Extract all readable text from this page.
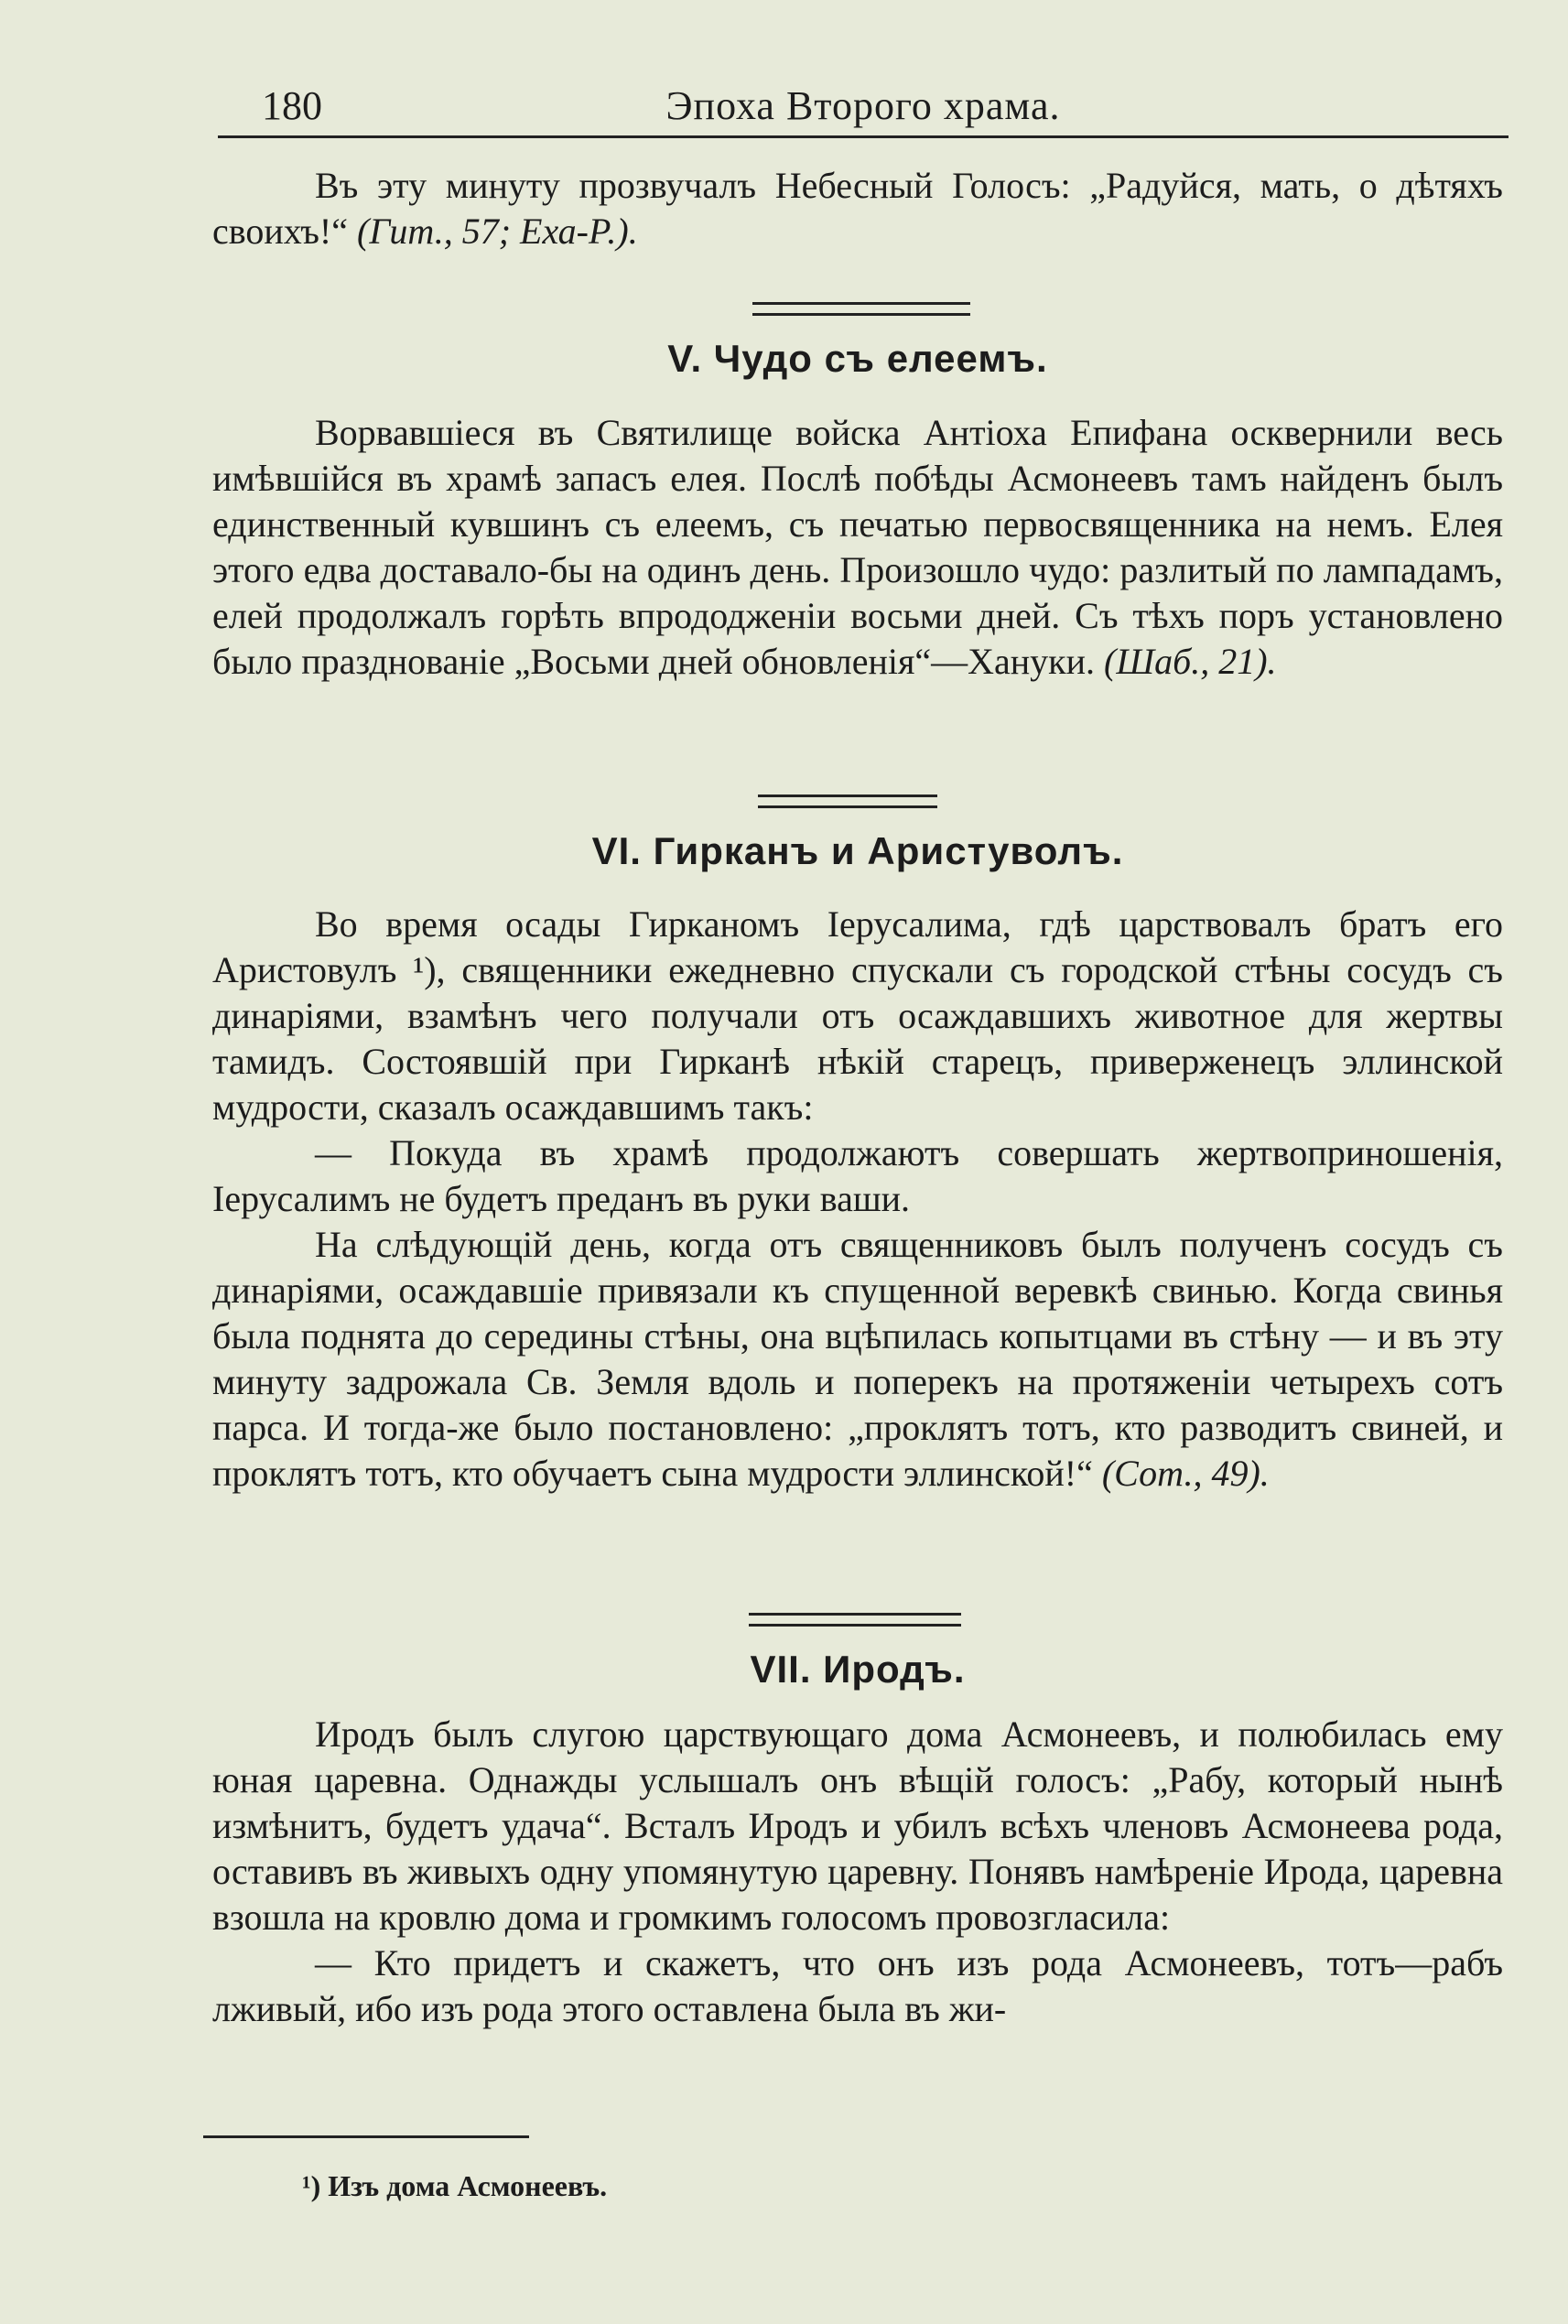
180	Эпоха Второго храма.
Въ эту минуту прозвучалъ Небесный Голосъ: „Радуйся, мать, о дѣтяхъ своихъ!“ (Гит., 57; Еха-Р.).
V. Чудо съ елеемъ.

Ворвавшіеся въ Святилище войска Антіоха Епифана осквернили весь имѣвшійся въ храмѣ запасъ елея. Послѣ побѣды Асмонеевъ тамъ найденъ былъ единственный кувшинъ съ елеемъ, съ печатью первосвященника на немъ. Елея этого едва доставало-бы на одинъ день. Произошло чудо: разлитый по лампадамъ, елей продолжалъ горѣть впрододженіи восьми дней. Съ тѣхъ поръ установлено было празднованіе „Восьми дней обновленія“—Хануки. (Шаб., 21).

VI. Гирканъ и Аристуволъ.

Во время осады Гирканомъ Іерусалима, гдѣ царствовалъ братъ его Аристовулъ ¹), священники ежедневно спускали съ городской стѣны сосудъ съ динаріями, взамѣнъ чего получали отъ осаждавшихъ животное для жертвы тамидъ. Состоявшій при Гирканѣ нѣкій старецъ, приверженецъ эллинской мудрости, сказалъ осаждавшимъ такъ:

— Покуда въ храмѣ продолжаютъ совершать жертвоприношенія, Іерусалимъ не будетъ преданъ въ руки ваши.

На слѣдующій день, когда отъ священниковъ былъ полученъ сосудъ съ динаріями, осаждавшіе привязали къ спущенной веревкѣ свинью. Когда свинья была поднята до середины стѣны, она вцѣпилась копытцами въ стѣну — и въ эту минуту задрожала Св. Земля вдоль и поперекъ на протяженіи четырехъ сотъ парса. И тогда-же было постановлено: „проклятъ тотъ, кто разводитъ свиней, и проклятъ тотъ, кто обучаетъ сына мудрости эллинской!“ (Сот., 49).

VII. Иродъ.

Иродъ былъ слугою царствующаго дома Асмонеевъ, и полюбилась ему юная царевна. Однажды услышалъ онъ вѣщій голосъ: „Рабу, который нынѣ измѣнитъ, будетъ удача“. Всталъ Иродъ и убилъ всѣхъ членовъ Асмонеева рода, оставивъ въ живыхъ одну упомянутую царевну. Понявъ намѣреніе Ирода, царевна взошла на кровлю дома и громкимъ голосомъ провозгласила:

— Кто придетъ и скажетъ, что онъ изъ рода Асмонеевъ, тотъ—рабъ лживый, ибо изъ рода этого оставлена была въ жи-

¹) Изъ дома Асмонеевъ.
